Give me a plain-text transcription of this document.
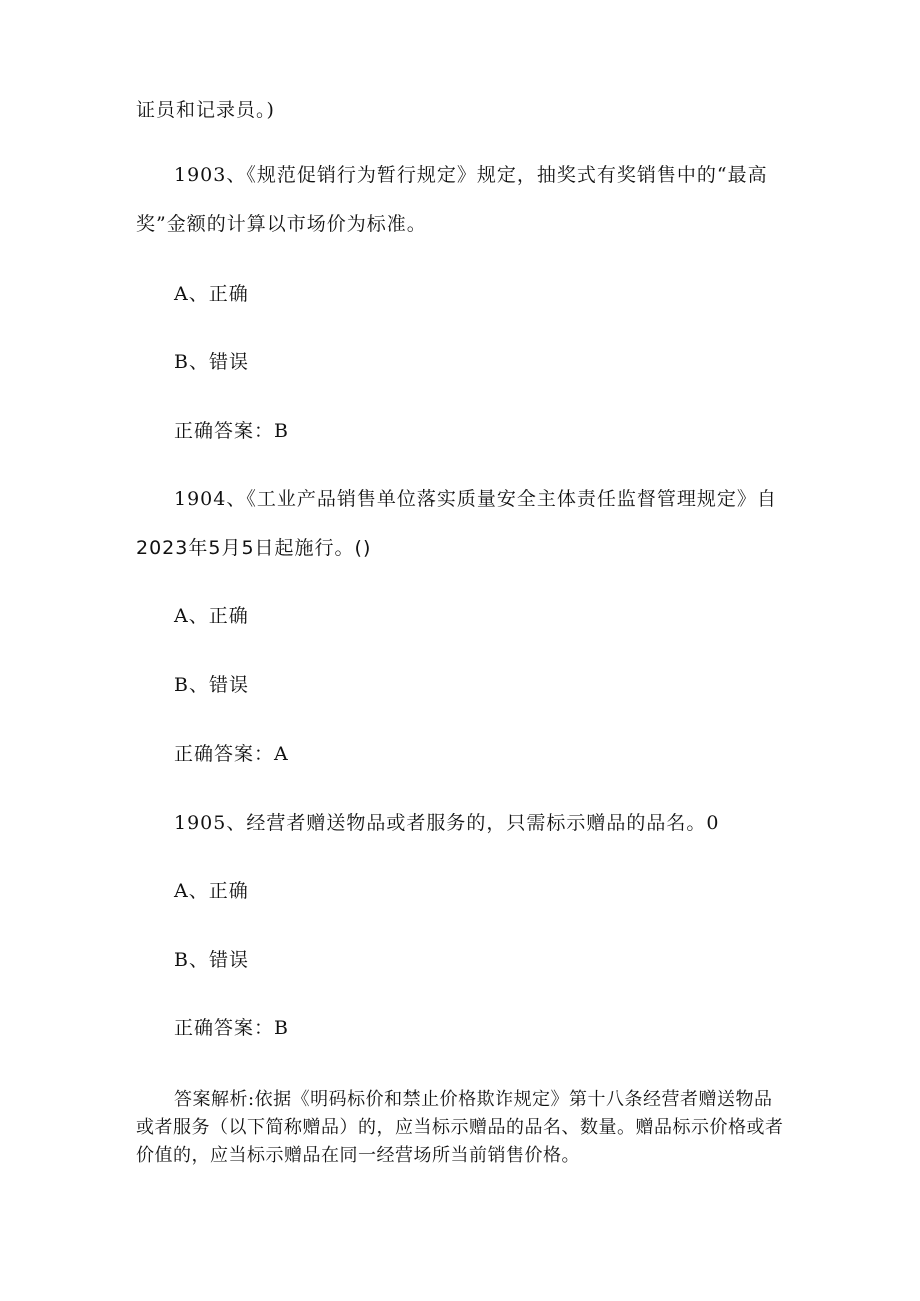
证员和记录员。)
1903、《规范促销行为暂行规定》规定，抽奖式有奖销售中的“最高
奖”金额的计算以市场价为标准。
A、正确
B、错误
正确答案：B
1904、《工业产品销售单位落实质量安全主体责任监督管理规定》自
2023年5月5日起施行。()
A、正确
B、错误
正确答案：A
1905、经营者赠送物品或者服务的，只需标示赠品的品名。0
A、正确
B、错误
正确答案：B
答案解析:依据《明码标价和禁止价格欺诈规定》第十八条经营者赠送物品或者服务（以下简称赠品）的，应当标示赠品的品名、数量。赠品标示价格或者价值的，应当标示赠品在同一经营场所当前销售价格。
